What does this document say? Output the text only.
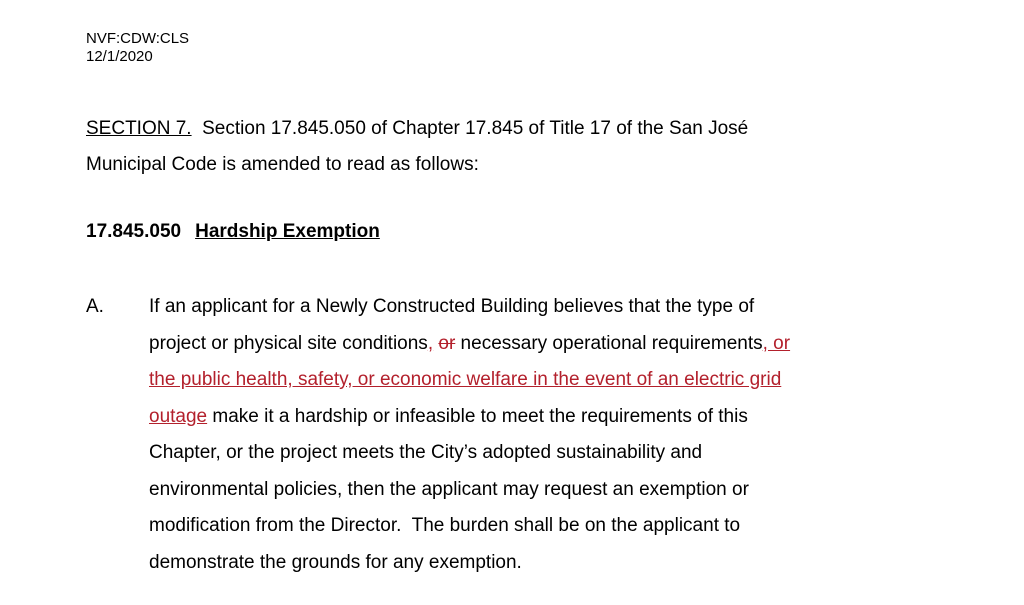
NVF:CDW:CLS
12/1/2020
SECTION 7.  Section 17.845.050 of Chapter 17.845 of Title 17 of the San José
Municipal Code is amended to read as follows:
17.845.050 Hardship Exemption
A. If an applicant for a Newly Constructed Building believes that the type of
project or physical site conditions, or necessary operational requirements, or
the public health, safety, or economic welfare in the event of an electric grid
outage make it a hardship or infeasible to meet the requirements of this
Chapter, or the project meets the City’s adopted sustainability and
environmental policies, then the applicant may request an exemption or
modification from the Director.  The burden shall be on the applicant to
demonstrate the grounds for any exemption.
